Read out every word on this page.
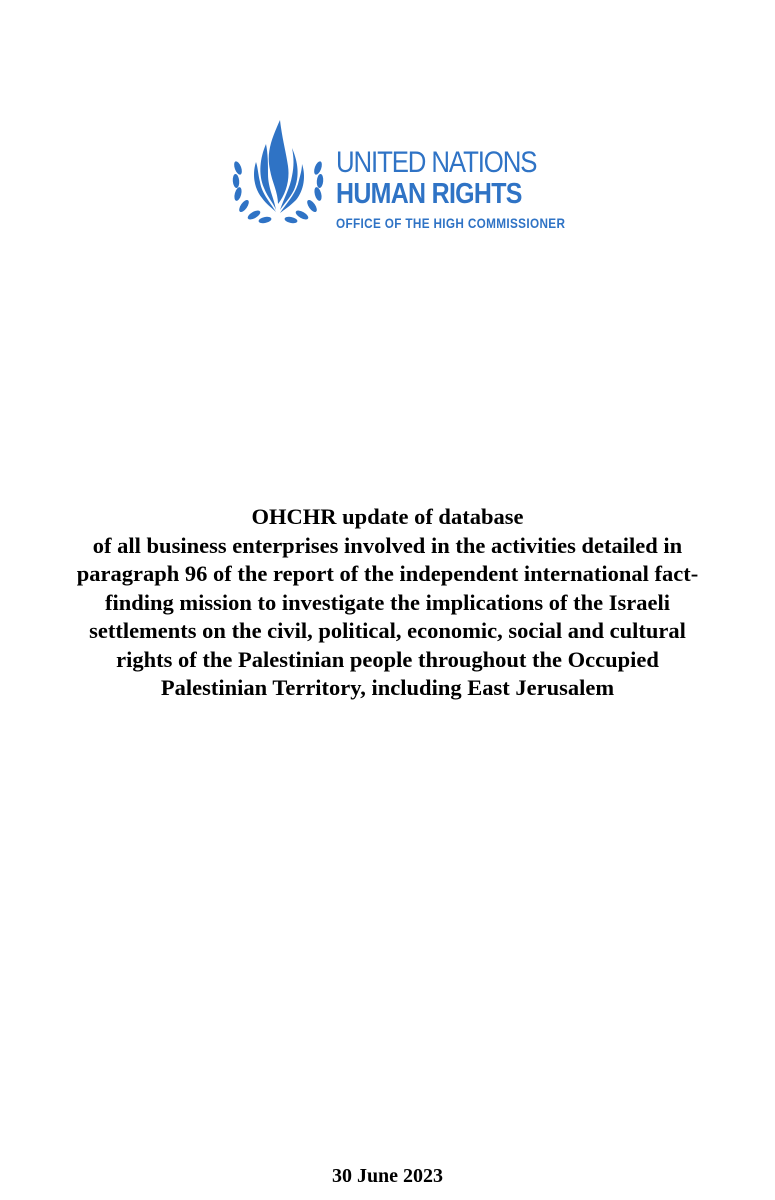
UNITED NATIONS
HUMAN RIGHTS
OFFICE OF THE HIGH COMMISSIONER
OHCHR update of database
of all business enterprises involved in the activities detailed in
paragraph 96 of the report of the independent international fact-
finding mission to investigate the implications of the Israeli
settlements on the civil, political, economic, social and cultural
rights of the Palestinian people throughout the Occupied
Palestinian Territory, including East Jerusalem
30 June 2023
